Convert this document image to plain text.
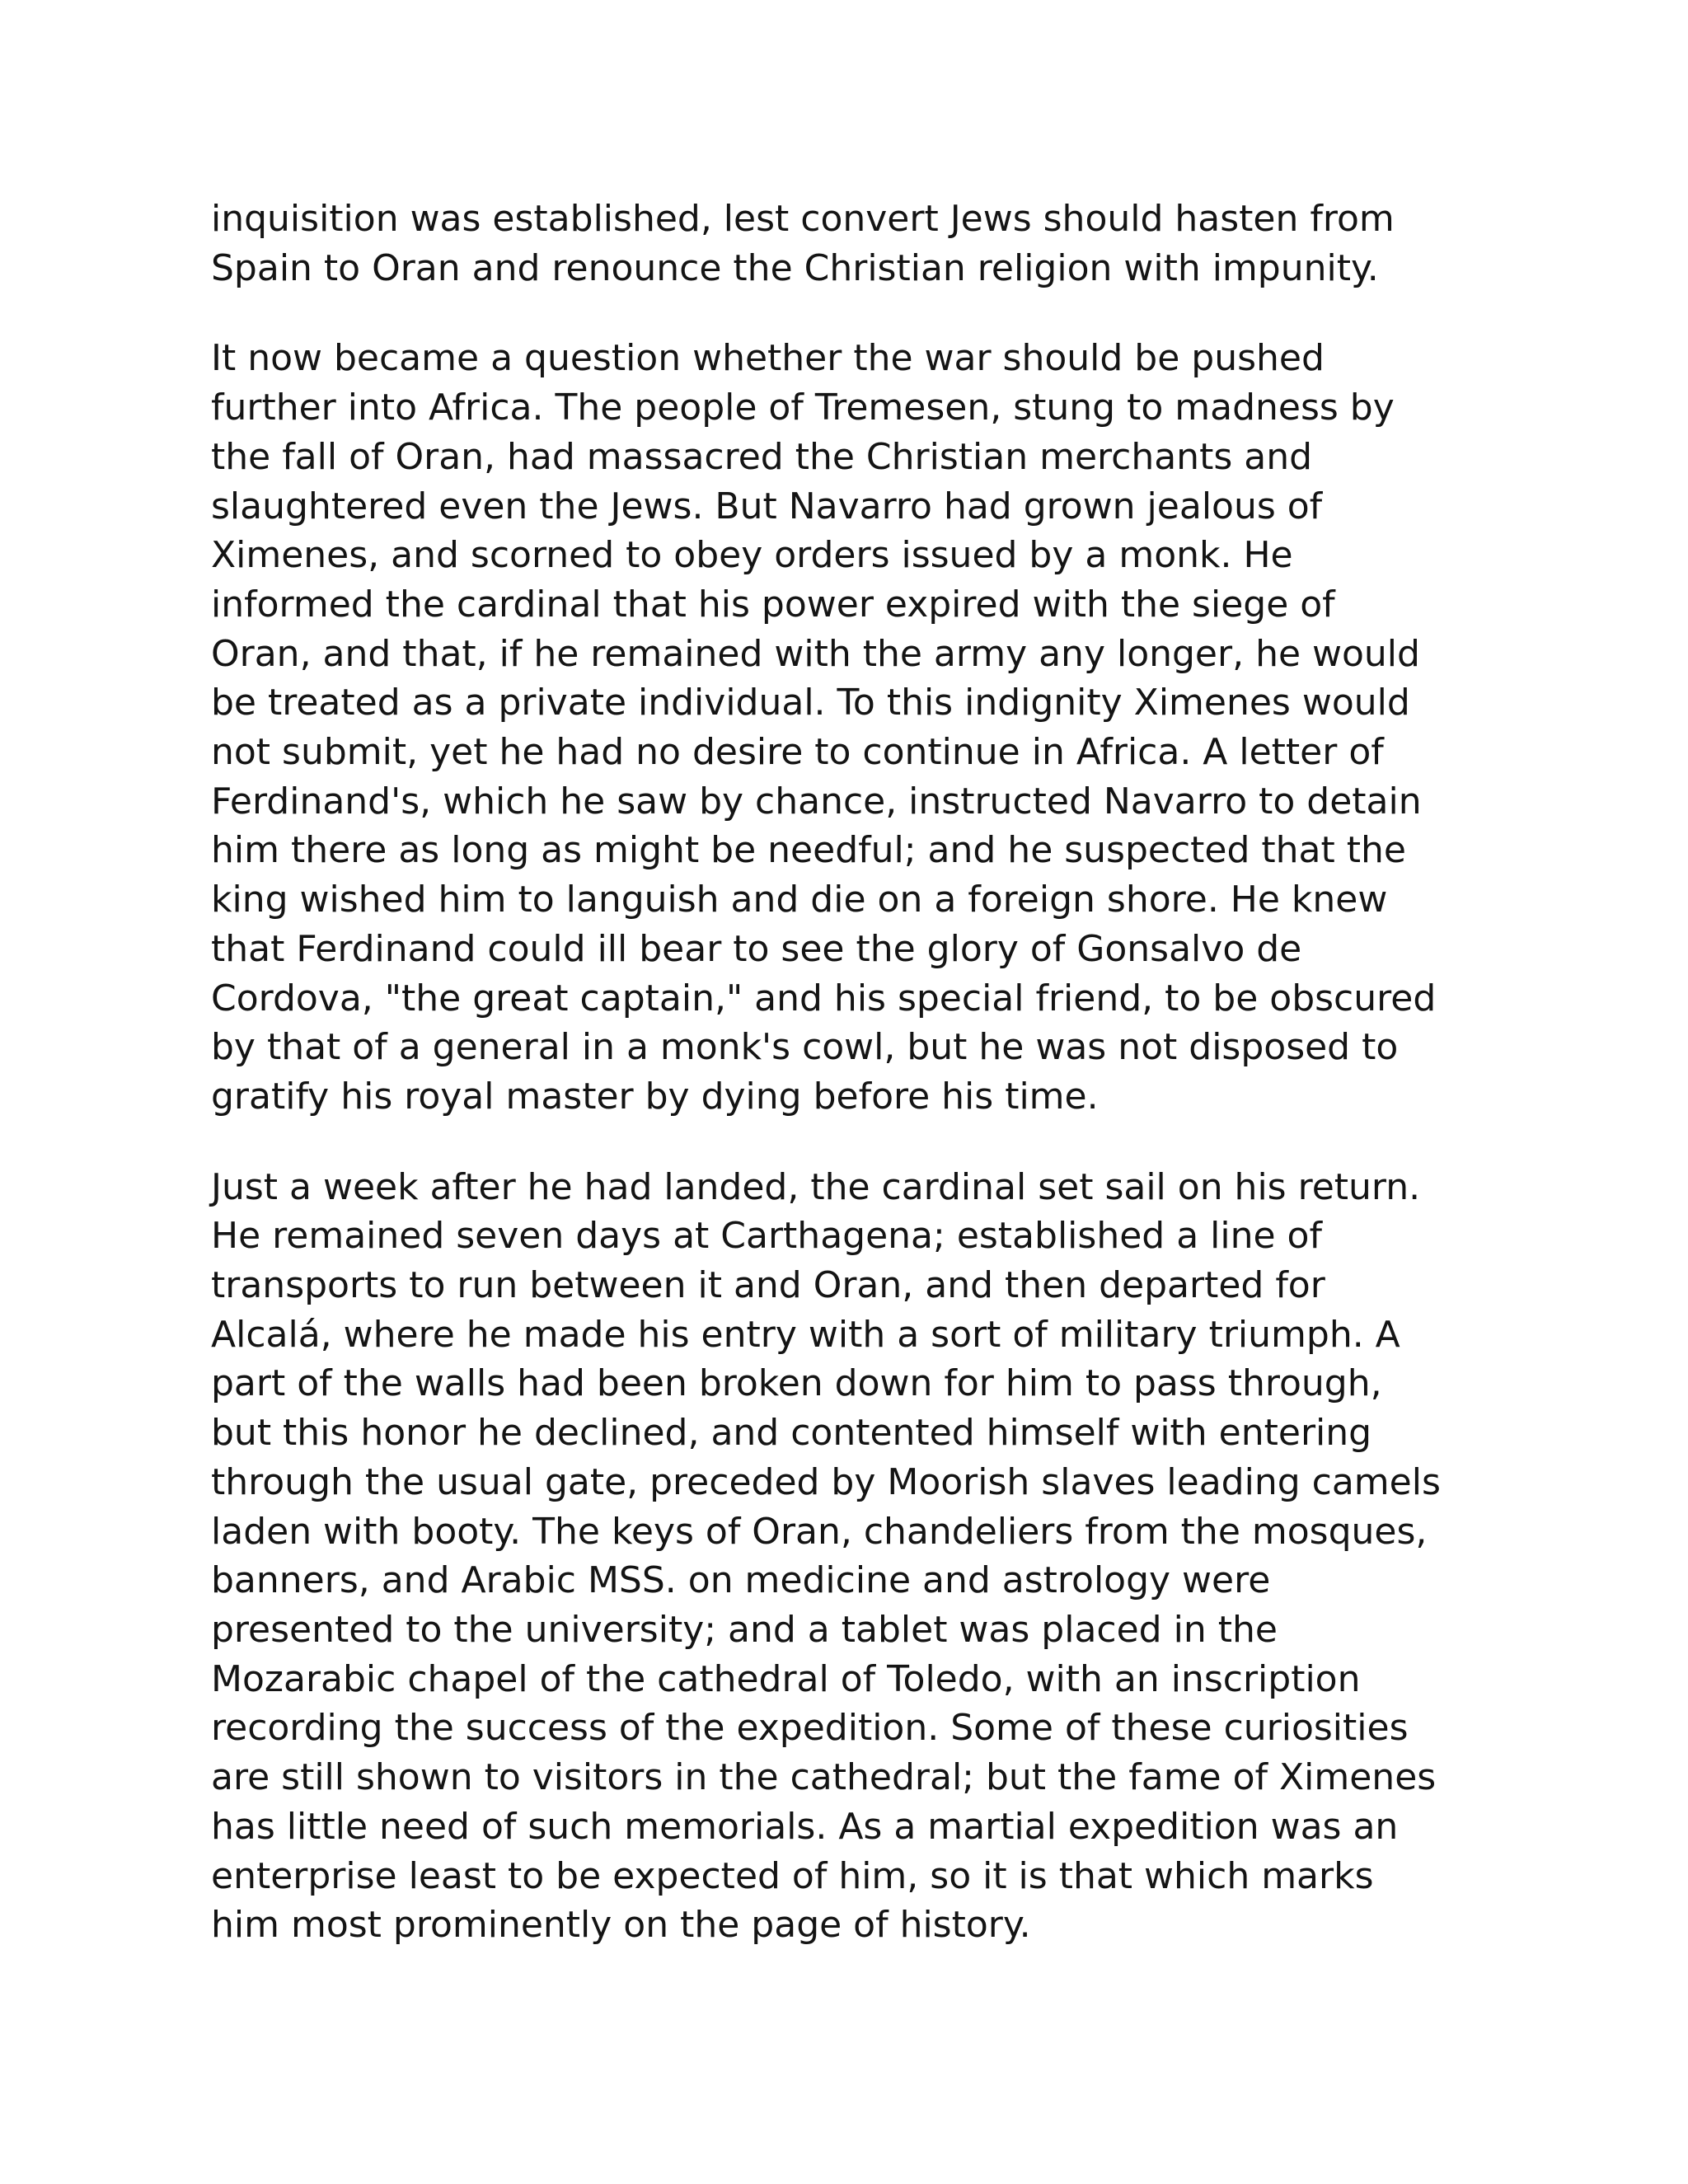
inquisition was established, lest convert Jews should hasten from
Spain to Oran and renounce the Christian religion with impunity.

It now became a question whether the war should be pushed
further into Africa. The people of Tremesen, stung to madness by
the fall of Oran, had massacred the Christian merchants and
slaughtered even the Jews. But Navarro had grown jealous of
Ximenes, and scorned to obey orders issued by a monk. He
informed the cardinal that his power expired with the siege of
Oran, and that, if he remained with the army any longer, he would
be treated as a private individual. To this indignity Ximenes would
not submit, yet he had no desire to continue in Africa. A letter of
Ferdinand's, which he saw by chance, instructed Navarro to detain
him there as long as might be needful; and he suspected that the
king wished him to languish and die on a foreign shore. He knew
that Ferdinand could ill bear to see the glory of Gonsalvo de
Cordova, "the great captain," and his special friend, to be obscured
by that of a general in a monk's cowl, but he was not disposed to
gratify his royal master by dying before his time.

Just a week after he had landed, the cardinal set sail on his return.
He remained seven days at Carthagena; established a line of
transports to run between it and Oran, and then departed for
Alcalá, where he made his entry with a sort of military triumph. A
part of the walls had been broken down for him to pass through,
but this honor he declined, and contented himself with entering
through the usual gate, preceded by Moorish slaves leading camels
laden with booty. The keys of Oran, chandeliers from the mosques,
banners, and Arabic MSS. on medicine and astrology were
presented to the university; and a tablet was placed in the
Mozarabic chapel of the cathedral of Toledo, with an inscription
recording the success of the expedition. Some of these curiosities
are still shown to visitors in the cathedral; but the fame of Ximenes
has little need of such memorials. As a martial expedition was an
enterprise least to be expected of him, so it is that which marks
him most prominently on the page of history.
